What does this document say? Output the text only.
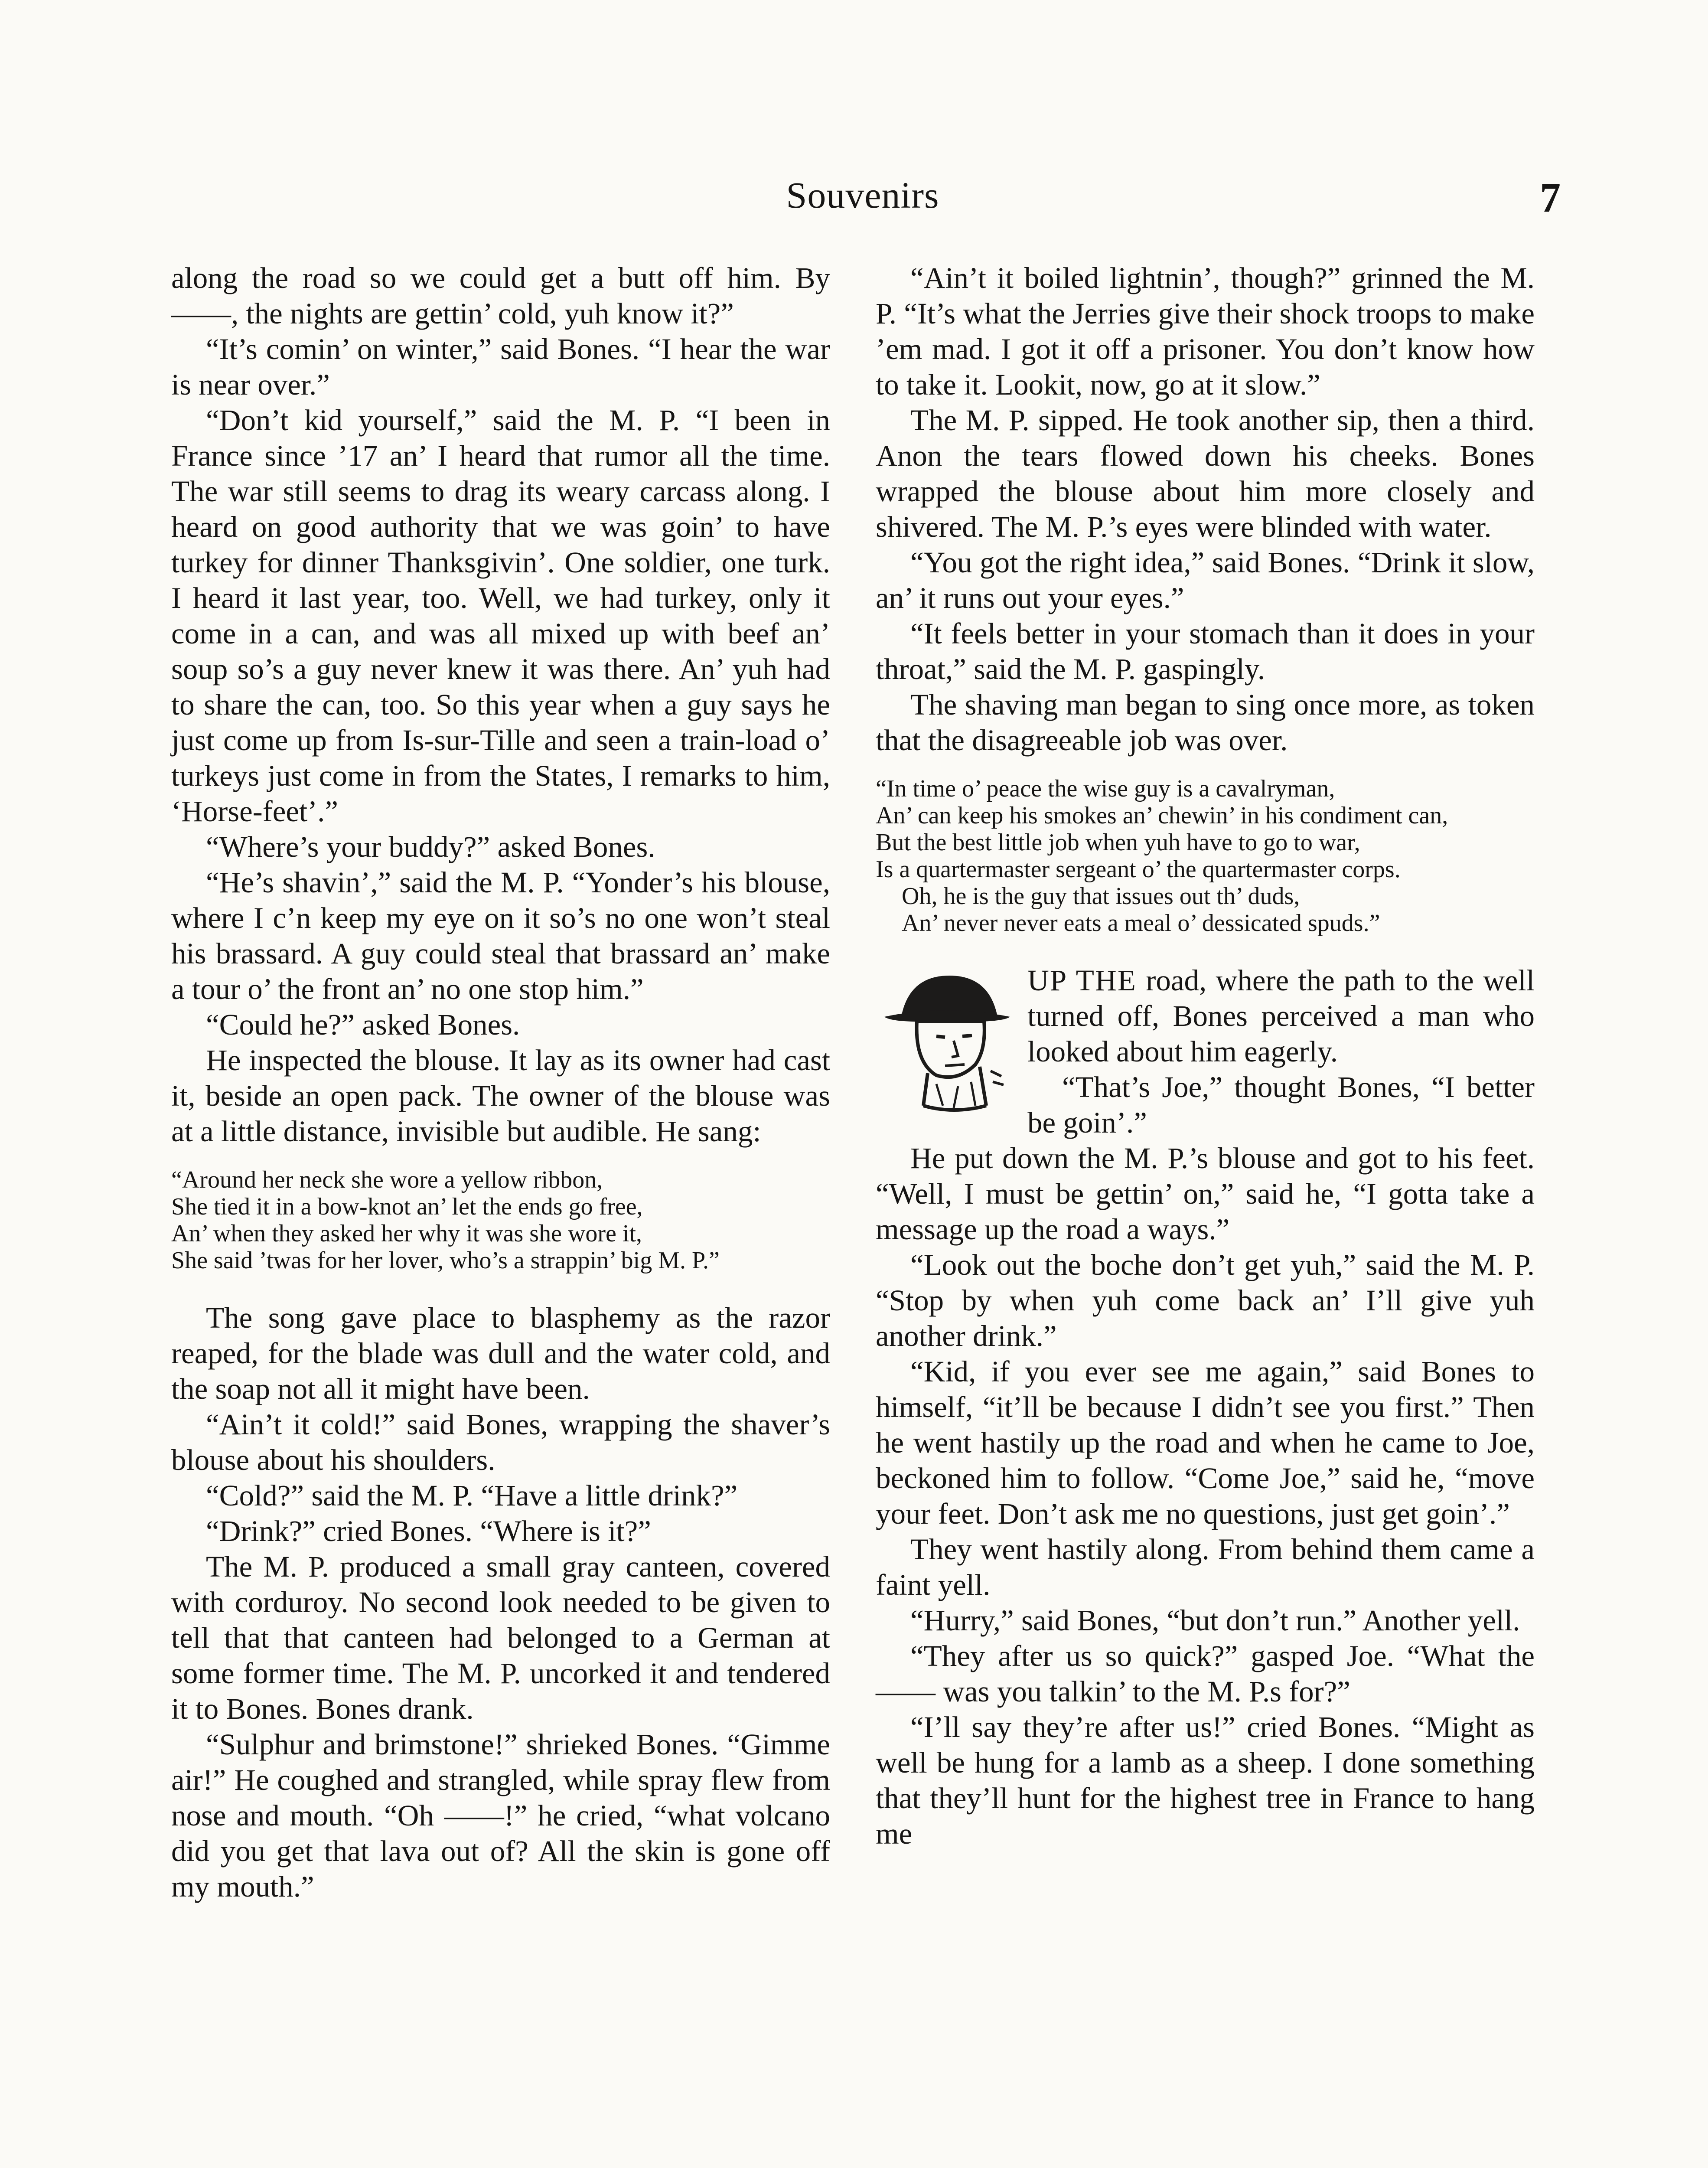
Souvenirs	7

along the road so we could get a butt off him. By ——, the nights are gettin’ cold, yuh know it?”

“It’s comin’ on winter,” said Bones. “I hear the war is near over.”

“Don’t kid yourself,” said the M. P. “I been in France since ’17 an’ I heard that rumor all the time. The war still seems to drag its weary carcass along. I heard on good authority that we was goin’ to have turkey for dinner Thanksgivin’. One soldier, one turk. I heard it last year, too. Well, we had turkey, only it come in a can, and was all mixed up with beef an’ soup so’s a guy never knew it was there. An’ yuh had to share the can, too. So this year when a guy says he just come up from Is-sur-Tille and seen a train-load o’ turkeys just come in from the States, I remarks to him, ‘Horse-feet’.”

“Where’s your buddy?” asked Bones.

“He’s shavin’,” said the M. P. “Yonder’s his blouse, where I c’n keep my eye on it so’s no one won’t steal his brassard. A guy could steal that brassard an’ make a tour o’ the front an’ no one stop him.”

“Could he?” asked Bones.

He inspected the blouse. It lay as its owner had cast it, beside an open pack. The owner of the blouse was at a little distance, invisible but audible. He sang:

“Around her neck she wore a yellow ribbon,
She tied it in a bow-knot an’ let the ends go free,
An’ when they asked her why it was she wore it,
She said ’twas for her lover, who’s a strappin’ big M. P.”

The song gave place to blasphemy as the razor reaped, for the blade was dull and the water cold, and the soap not all it might have been.

“Ain’t it cold!” said Bones, wrapping the shaver’s blouse about his shoulders.

“Cold?” said the M. P. “Have a little drink?”

“Drink?” cried Bones. “Where is it?”

The M. P. produced a small gray canteen, covered with corduroy. No second look needed to be given to tell that that canteen had belonged to a German at some former time. The M. P. uncorked it and tendered it to Bones. Bones drank.

“Sulphur and brimstone!” shrieked Bones. “Gimme air!” He coughed and strangled, while spray flew from nose and mouth. “Oh ——!” he cried, “what volcano did you get that lava out of? All the skin is gone off my mouth.”

“Ain’t it boiled lightnin’, though?” grinned the M. P. “It’s what the Jerries give their shock troops to make ’em mad. I got it off a prisoner. You don’t know how to take it. Lookit, now, go at it slow.”

The M. P. sipped. He took another sip, then a third. Anon the tears flowed down his cheeks. Bones wrapped the blouse about him more closely and shivered. The M. P.’s eyes were blinded with water.

“You got the right idea,” said Bones. “Drink it slow, an’ it runs out your eyes.”

“It feels better in your stomach than it does in your throat,” said the M. P. gaspingly.

The shaving man began to sing once more, as token that the disagreeable job was over.

“In time o’ peace the wise guy is a cavalryman,
An’ can keep his smokes an’ chewin’ in his condiment can,
But the best little job when yuh have to go to war,
Is a quartermaster sergeant o’ the quartermaster corps.
Oh, he is the guy that issues out th’ duds,
An’ never never eats a meal o’ dessicated spuds.”

UP THE road, where the path to the well turned off, Bones perceived a man who looked about him eagerly.

“That’s Joe,” thought Bones, “I better be goin’.”

He put down the M. P.’s blouse and got to his feet. “Well, I must be gettin’ on,” said he, “I gotta take a message up the road a ways.”

“Look out the boche don’t get yuh,” said the M. P. “Stop by when yuh come back an’ I’ll give yuh another drink.”

“Kid, if you ever see me again,” said Bones to himself, “it’ll be because I didn’t see you first.” Then he went hastily up the road and when he came to Joe, beckoned him to follow. “Come Joe,” said he, “move your feet. Don’t ask me no questions, just get goin’.”

They went hastily along. From behind them came a faint yell.

“Hurry,” said Bones, “but don’t run.” Another yell.

“They after us so quick?” gasped Joe. “What the —— was you talkin’ to the M. P.s for?”

“I’ll say they’re after us!” cried Bones. “Might as well be hung for a lamb as a sheep. I done something that they’ll hunt for the highest tree in France to hang me
